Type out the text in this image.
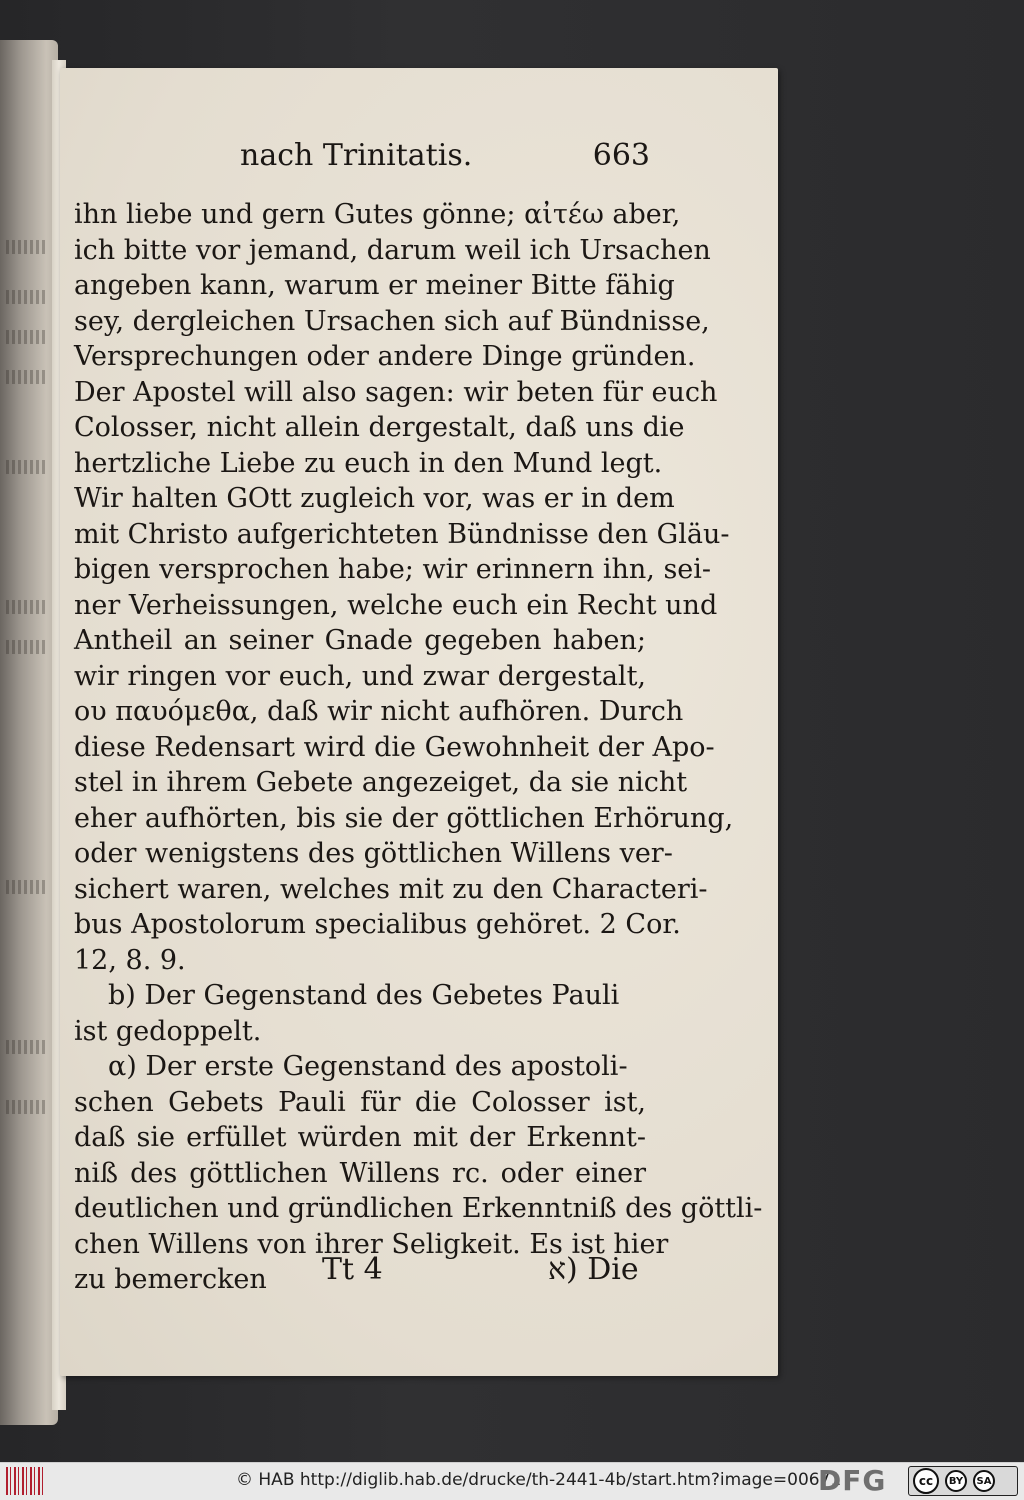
nach Trinitatis.	663
ihn liebe und gern Gutes gönne; αἰτέω aber,
ich bitte vor jemand, darum weil ich Ursachen
angeben kann, warum er meiner Bitte fähig
sey, dergleichen Ursachen sich auf Bündnisse,
Versprechungen oder andere Dinge gründen.
Der Apostel will also sagen: wir beten für euch
Colosser, nicht allein dergestalt, daß uns die
hertzliche Liebe zu euch in den Mund legt.
Wir halten GOtt zugleich vor, was er in dem
mit Christo aufgerichteten Bündnisse den Gläu-
bigen versprochen habe; wir erinnern ihn, sei-
ner Verheissungen, welche euch ein Recht und
Antheil an seiner Gnade gegeben haben;
wir ringen vor euch, und zwar dergestalt,
ου παυόμεθα, daß wir nicht aufhören. Durch
diese Redensart wird die Gewohnheit der Apo-
stel in ihrem Gebete angezeiget, da sie nicht
eher aufhörten, bis sie der göttlichen Erhörung,
oder wenigstens des göttlichen Willens ver-
sichert waren, welches mit zu den Characteri-
bus Apostolorum specialibus gehöret. 2 Cor.
12, 8. 9.
b) Der Gegenstand des Gebetes Pauli
ist gedoppelt.
α) Der erste Gegenstand des apostoli-
schen Gebets Pauli für die Colosser ist,
daß sie erfüllet würden mit der Erkennt-
niß des göttlichen Willens rc. oder einer
deutlichen und gründlichen Erkenntniß des göttli-
chen Willens von ihrer Seligkeit. Es ist hier
zu bemercken	Tt 4	א) Die
© HAB http://diglib.hab.de/drucke/th-2441-4b/start.htm?image=00671
DFG	cc	BY	SA
